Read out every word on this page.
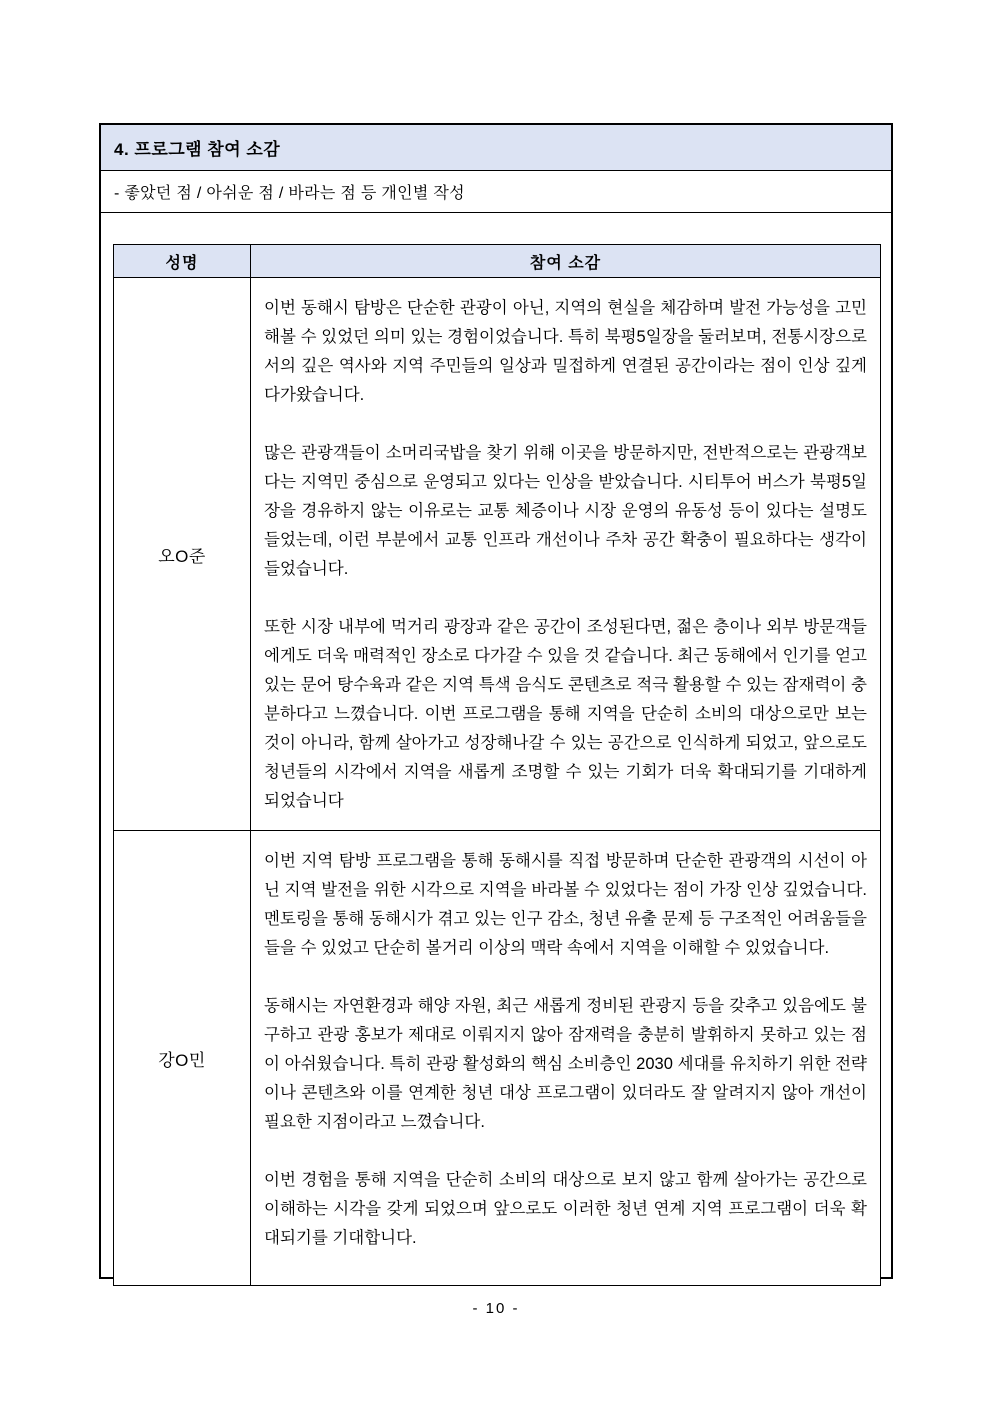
4. 프로그램 참여 소감
- 좋았던 점 / 아쉬운 점 / 바라는 점 등 개인별 작성
성명	참여 소감
오O준	이번 동해시 탐방은 단순한 관광이 아닌, 지역의 현실을 체감하며 발전 가능성을 고민해볼 수 있었던 의미 있는 경험이었습니다. 특히 북평5일장을 둘러보며, 전통시장으로서의 깊은 역사와 지역 주민들의 일상과 밀접하게 연결된 공간이라는 점이 인상 깊게 다가왔습니다.

많은 관광객들이 소머리국밥을 찾기 위해 이곳을 방문하지만, 전반적으로는 관광객보다는 지역민 중심으로 운영되고 있다는 인상을 받았습니다. 시티투어 버스가 북평5일장을 경유하지 않는 이유로는 교통 체증이나 시장 운영의 유동성 등이 있다는 설명도 들었는데, 이런 부분에서 교통 인프라 개선이나 주차 공간 확충이 필요하다는 생각이 들었습니다.

또한 시장 내부에 먹거리 광장과 같은 공간이 조성된다면, 젊은 층이나 외부 방문객들에게도 더욱 매력적인 장소로 다가갈 수 있을 것 같습니다. 최근 동해에서 인기를 얻고 있는 문어 탕수육과 같은 지역 특색 음식도 콘텐츠로 적극 활용할 수 있는 잠재력이 충분하다고 느꼈습니다. 이번 프로그램을 통해 지역을 단순히 소비의 대상으로만 보는 것이 아니라, 함께 살아가고 성장해나갈 수 있는 공간으로 인식하게 되었고, 앞으로도 청년들의 시각에서 지역을 새롭게 조명할 수 있는 기회가 더욱 확대되기를 기대하게 되었습니다

강O민	이번 지역 탐방 프로그램을 통해 동해시를 직접 방문하며 단순한 관광객의 시선이 아닌 지역 발전을 위한 시각으로 지역을 바라볼 수 있었다는 점이 가장 인상 깊었습니다. 멘토링을 통해 동해시가 겪고 있는 인구 감소, 청년 유출 문제 등 구조적인 어려움들을 들을 수 있었고 단순히 볼거리 이상의 맥락 속에서 지역을 이해할 수 있었습니다.

동해시는 자연환경과 해양 자원, 최근 새롭게 정비된 관광지 등을 갖추고 있음에도 불구하고 관광 홍보가 제대로 이뤄지지 않아 잠재력을 충분히 발휘하지 못하고 있는 점이 아쉬웠습니다. 특히 관광 활성화의 핵심 소비층인 2030 세대를 유치하기 위한 전략이나 콘텐츠와 이를 연계한 청년 대상 프로그램이 있더라도 잘 알려지지 않아 개선이 필요한 지점이라고 느꼈습니다.

이번 경험을 통해 지역을 단순히 소비의 대상으로 보지 않고 함께 살아가는 공간으로 이해하는 시각을 갖게 되었으며 앞으로도 이러한 청년 연계 지역 프로그램이 더욱 확대되기를 기대합니다.

- 10 -
